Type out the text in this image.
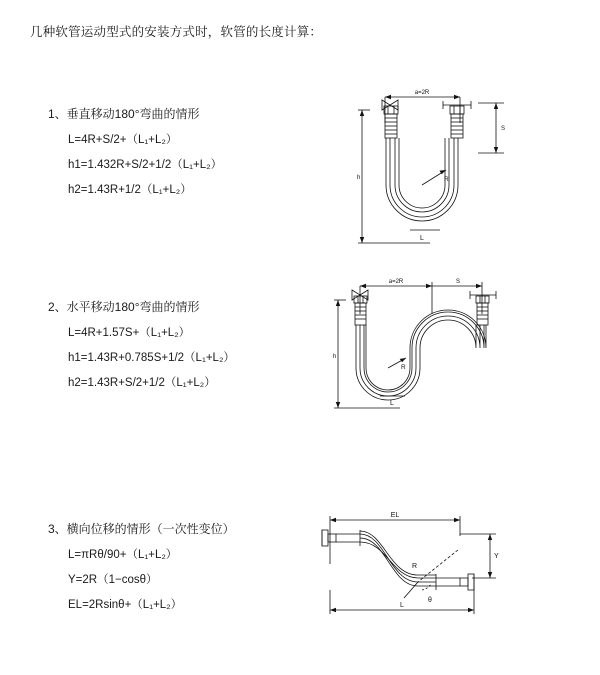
几种软管运动型式的安装方式时，软管的长度计算：
1、垂直移动180°弯曲的情形
L=4R+S/2+（L₁+L₂）
h1=1.432R+S/2+1/2（L₁+L₂）
h2=1.43R+1/2（L₁+L₂）
a=2R
S
h	R
L
2、水平移动180°弯曲的情形
L=4R+1.57S+（L₁+L₂）
h1=1.43R+0.785S+1/2（L₁+L₂）
h2=1.43R+S/2+1/2（L₁+L₂）
a=2R	S
h
R
L
3、横向位移的情形（一次性变位）
L=πRθ/90+（L₁+L₂）
Y=2R（1−cosθ）
EL=2Rsinθ+（L₁+L₂）
EL
Y
R
θ
L
